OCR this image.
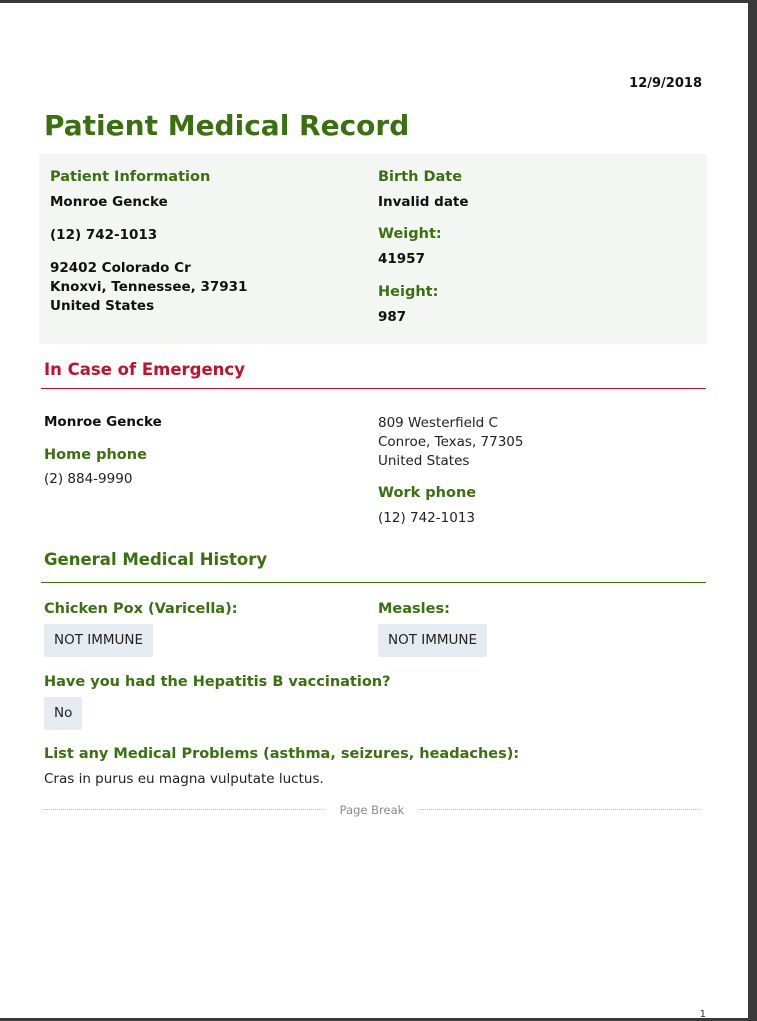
12/9/2018
Patient Medical Record
Patient Information
Monroe Gencke
(12) 742-1013
92402 Colorado Cr
Knoxvi, Tennessee, 37931
United States
Birth Date
Invalid date
Weight:
41957
Height:
987
In Case of Emergency
Monroe Gencke
Home phone
(2) 884-9990
809 Westerfield C
Conroe, Texas, 77305
United States
Work phone
(12) 742-1013
General Medical History
Chicken Pox (Varicella):
NOT IMMUNE
Measles:
NOT IMMUNE
Have you had the Hepatitis B vaccination?
No
List any Medical Problems (asthma, seizures, headaches):
Cras in purus eu magna vulputate luctus.
Page Break
1
